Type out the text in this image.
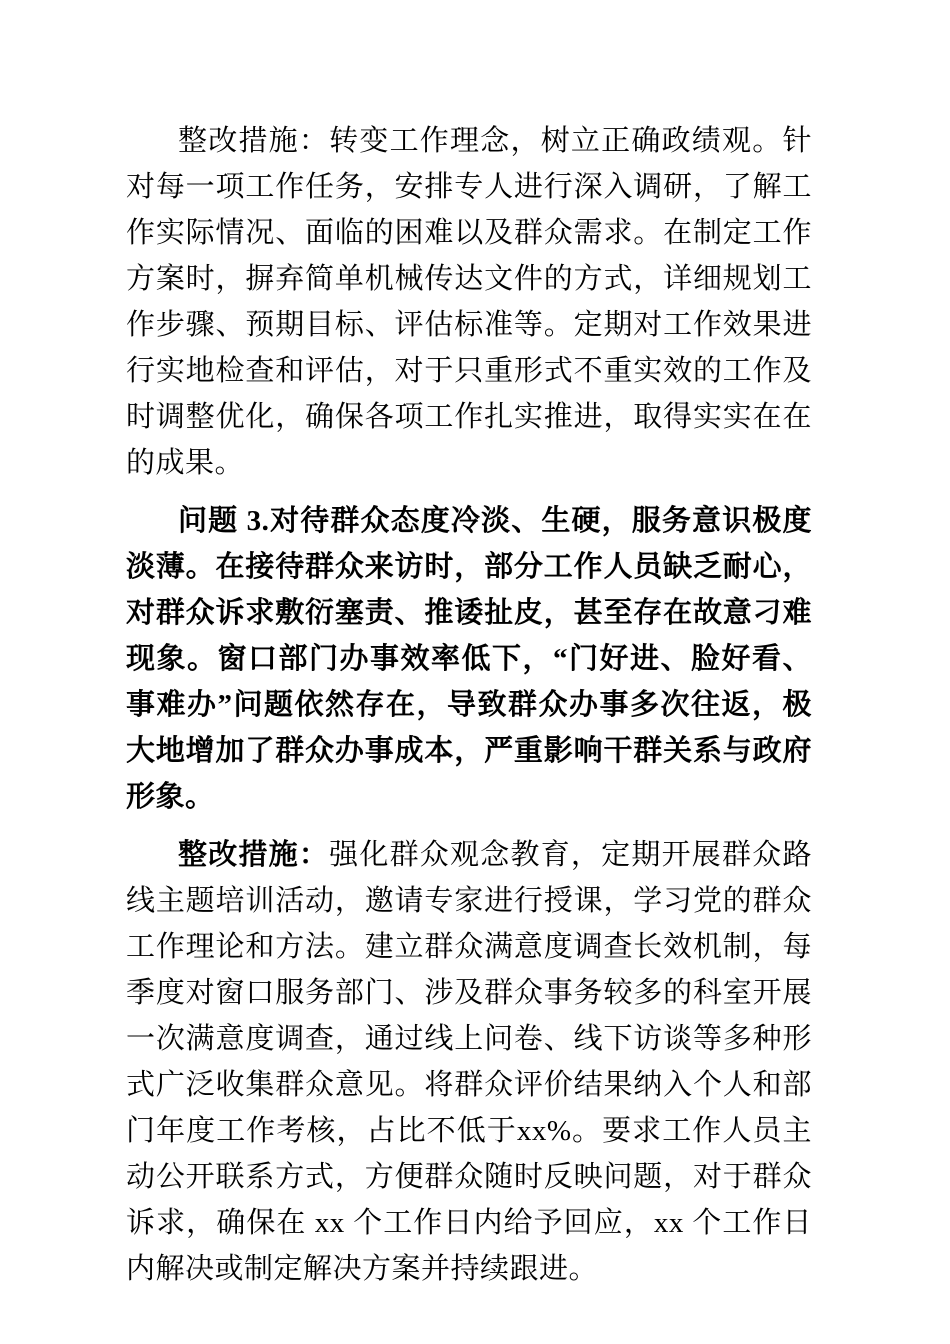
整改措施：转变工作理念，树立正确政绩观。针对每一项工作任务，安排专人进行深入调研，了解工作实际情况、面临的困难以及群众需求。在制定工作方案时，摒弃简单机械传达文件的方式，详细规划工作步骤、预期目标、评估标准等。定期对工作效果进行实地检查和评估，对于只重形式不重实效的工作及时调整优化，确保各项工作扎实推进，取得实实在在的成果。

问题 3.对待群众态度冷淡、生硬，服务意识极度淡薄。在接待群众来访时，部分工作人员缺乏耐心，对群众诉求敷衍塞责、推诿扯皮，甚至存在故意刁难现象。窗口部门办事效率低下，“门好进、脸好看、事难办”问题依然存在，导致群众办事多次往返，极大地增加了群众办事成本，严重影响干群关系与政府形象。

整改措施：强化群众观念教育，定期开展群众路线主题培训活动，邀请专家进行授课，学习党的群众工作理论和方法。建立群众满意度调查长效机制，每季度对窗口服务部门、涉及群众事务较多的科室开展一次满意度调查，通过线上问卷、线下访谈等多种形式广泛收集群众意见。将群众评价结果纳入个人和部门年度工作考核，占比不低于xx%。要求工作人员主动公开联系方式，方便群众随时反映问题，对于群众诉求，确保在 xx 个工作日内给予回应，xx 个工作日内解决或制定解决方案并持续跟进。
